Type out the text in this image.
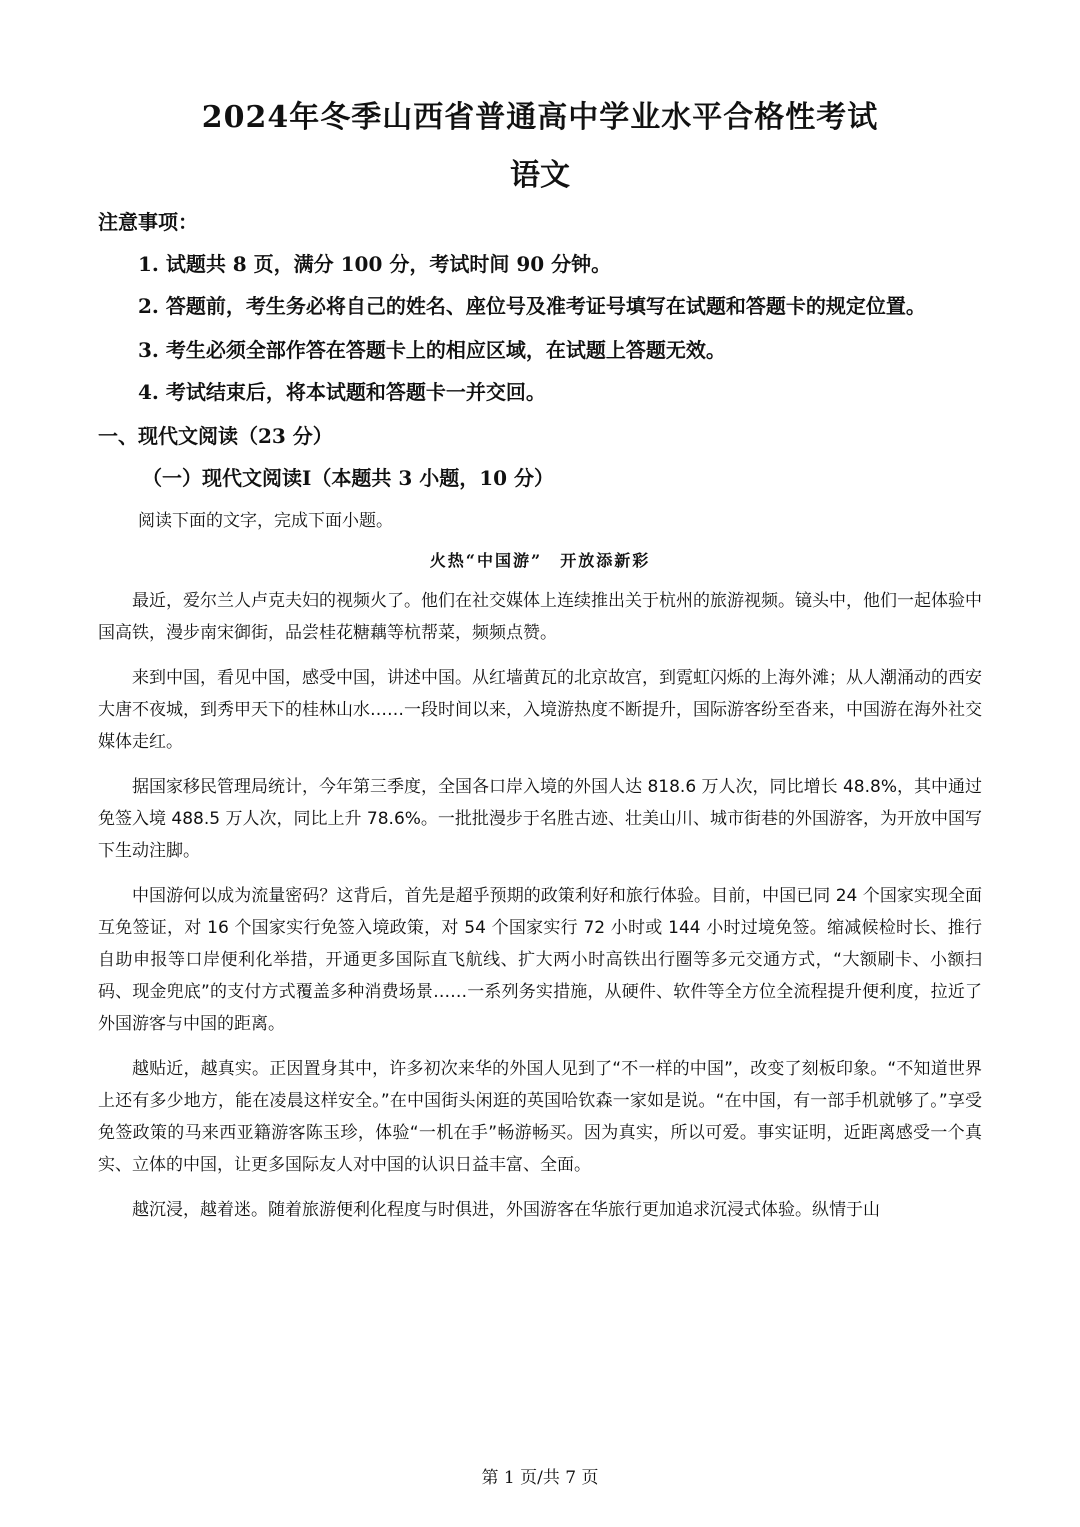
2024年冬季山西省普通高中学业水平合格性考试
语文
注意事项：
1. 试题共 8 页，满分 100 分，考试时间 90 分钟。
2. 答题前，考生务必将自己的姓名、座位号及准考证号填写在试题和答题卡的规定位置。
3. 考生必须全部作答在答题卡上的相应区域，在试题上答题无效。
4. 考试结束后，将本试题和答题卡一并交回。
一、现代文阅读（23 分）
（一）现代文阅读Ⅰ（本题共 3 小题，10 分）
阅读下面的文字，完成下面小题。
火热“中国游”　开放添新彩

最近，爱尔兰人卢克夫妇的视频火了。他们在社交媒体上连续推出关于杭州的旅游视频。镜头中，他们一起体验中国高铁，漫步南宋御街，品尝桂花糖藕等杭帮菜，频频点赞。

来到中国，看见中国，感受中国，讲述中国。从红墙黄瓦的北京故宫，到霓虹闪烁的上海外滩；从人潮涌动的西安大唐不夜城，到秀甲天下的桂林山水……一段时间以来，入境游热度不断提升，国际游客纷至沓来，中国游在海外社交媒体走红。

据国家移民管理局统计，今年第三季度，全国各口岸入境的外国人达 818.6 万人次，同比增长 48.8%，其中通过免签入境 488.5 万人次，同比上升 78.6%。一批批漫步于名胜古迹、壮美山川、城市街巷的外国游客，为开放中国写下生动注脚。

中国游何以成为流量密码？这背后，首先是超乎预期的政策利好和旅行体验。目前，中国已同 24 个国家实现全面互免签证，对 16 个国家实行免签入境政策，对 54 个国家实行 72 小时或 144 小时过境免签。缩减候检时长、推行自助申报等口岸便利化举措，开通更多国际直飞航线、扩大两小时高铁出行圈等多元交通方式，“大额刷卡、小额扫码、现金兜底”的支付方式覆盖多种消费场景……一系列务实措施，从硬件、软件等全方位全流程提升便利度，拉近了外国游客与中国的距离。

越贴近，越真实。正因置身其中，许多初次来华的外国人见到了“不一样的中国”，改变了刻板印象。“不知道世界上还有多少地方，能在凌晨这样安全。”在中国街头闲逛的英国哈钦森一家如是说。“在中国，有一部手机就够了。”享受免签政策的马来西亚籍游客陈玉珍，体验“一机在手”畅游畅买。因为真实，所以可爱。事实证明，近距离感受一个真实、立体的中国，让更多国际友人对中国的认识日益丰富、全面。

越沉浸，越着迷。随着旅游便利化程度与时俱进，外国游客在华旅行更加追求沉浸式体验。纵情于山

第 1 页/共 7 页
